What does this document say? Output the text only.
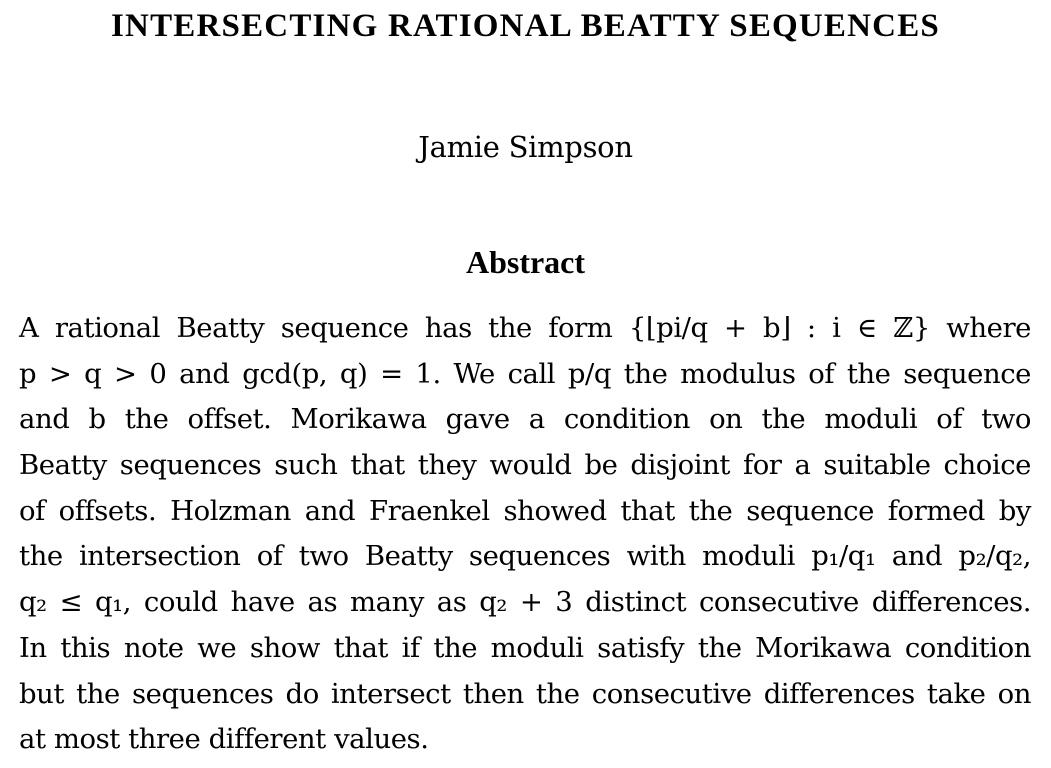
INTERSECTING RATIONAL BEATTY SEQUENCES
Jamie Simpson
Abstract
A rational Beatty sequence has the form {⌊pi/q + b⌋ : i ∈ ℤ} where
p > q > 0 and gcd(p, q) = 1. We call p/q the modulus of the sequence
and b the offset. Morikawa gave a condition on the moduli of two
Beatty sequences such that they would be disjoint for a suitable choice
of offsets. Holzman and Fraenkel showed that the sequence formed by
the intersection of two Beatty sequences with moduli p₁/q₁ and p₂/q₂,
q₂ ≤ q₁, could have as many as q₂ + 3 distinct consecutive differences.
In this note we show that if the moduli satisfy the Morikawa condition
but the sequences do intersect then the consecutive differences take on
at most three different values.
